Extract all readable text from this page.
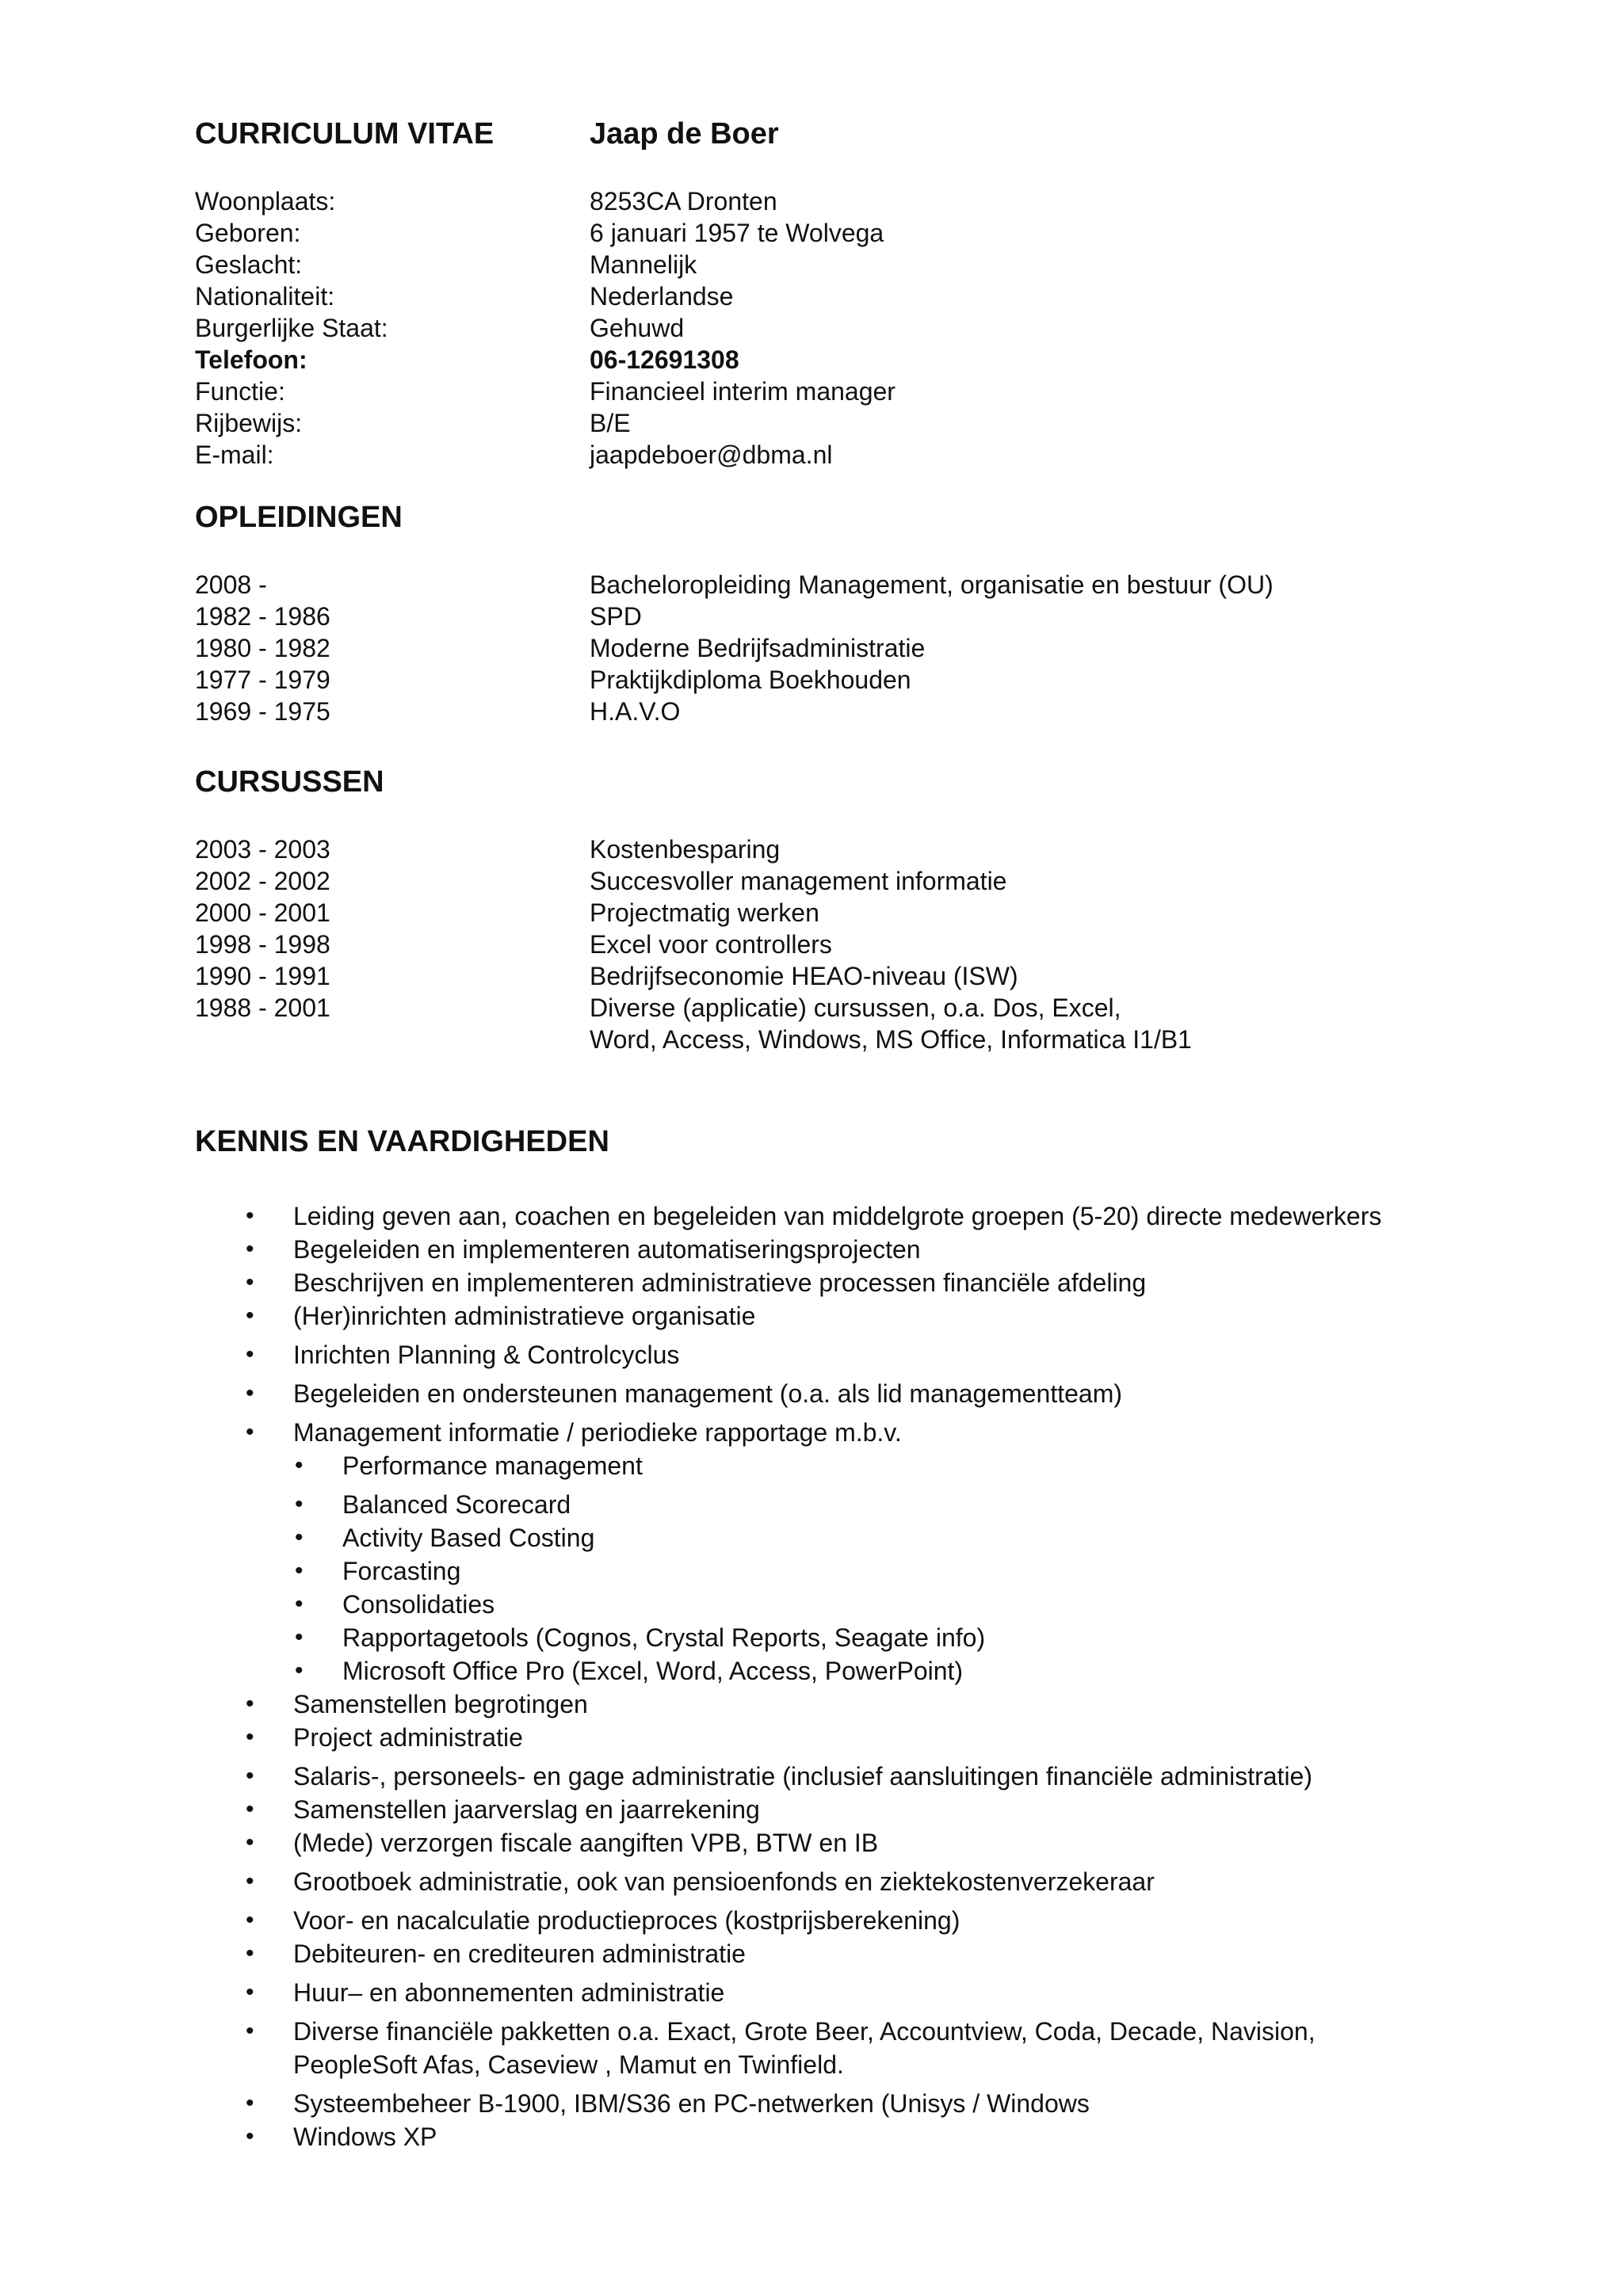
CURRICULUM VITAE	Jaap de Boer
Woonplaats:	8253CA Dronten
Geboren:	6 januari 1957 te Wolvega
Geslacht:	Mannelijk
Nationaliteit:	Nederlandse
Burgerlijke Staat:	Gehuwd
Telefoon:	06-12691308
Functie:	Financieel interim manager
Rijbewijs:	B/E
E-mail:	jaapdeboer@dbma.nl
OPLEIDINGEN
2008 -	Bacheloropleiding Management, organisatie en bestuur (OU)
1982 - 1986	SPD
1980 - 1982	Moderne Bedrijfsadministratie
1977 - 1979	Praktijkdiploma Boekhouden
1969 - 1975	H.A.V.O
CURSUSSEN
2003 - 2003	Kostenbesparing
2002 - 2002	Succesvoller management informatie
2000 - 2001	Projectmatig werken
1998 - 1998	Excel voor controllers
1990 - 1991	Bedrijfseconomie HEAO-niveau (ISW)
1988 - 2001	Diverse (applicatie) cursussen, o.a. Dos, Excel,
Word, Access, Windows, MS Office, Informatica I1/B1
KENNIS EN VAARDIGHEDEN
• Leiding geven aan, coachen en begeleiden van middelgrote groepen (5-20) directe medewerkers
• Begeleiden en implementeren automatiseringsprojecten
• Beschrijven en implementeren administratieve processen financiële afdeling
• (Her)inrichten administratieve organisatie
• Inrichten Planning & Controlcyclus
• Begeleiden en ondersteunen management (o.a. als lid managementteam)
• Management informatie / periodieke rapportage m.b.v.
• Performance management
• Balanced Scorecard
• Activity Based Costing
• Forcasting
• Consolidaties
• Rapportagetools (Cognos, Crystal Reports, Seagate info)
• Microsoft Office Pro (Excel, Word, Access, PowerPoint)
• Samenstellen begrotingen
• Project administratie
• Salaris-, personeels- en gage administratie (inclusief aansluitingen financiële administratie)
• Samenstellen jaarverslag en jaarrekening
• (Mede) verzorgen fiscale aangiften VPB, BTW en IB
• Grootboek administratie, ook van pensioenfonds en ziektekostenverzekeraar
• Voor- en nacalculatie productieproces (kostprijsberekening)
• Debiteuren- en crediteuren administratie
• Huur– en abonnementen administratie
• Diverse financiële pakketten o.a. Exact, Grote Beer, Accountview, Coda, Decade, Navision,
PeopleSoft Afas, Caseview , Mamut en Twinfield.
• Systeembeheer B-1900, IBM/S36 en PC-netwerken (Unisys / Windows
• Windows XP
